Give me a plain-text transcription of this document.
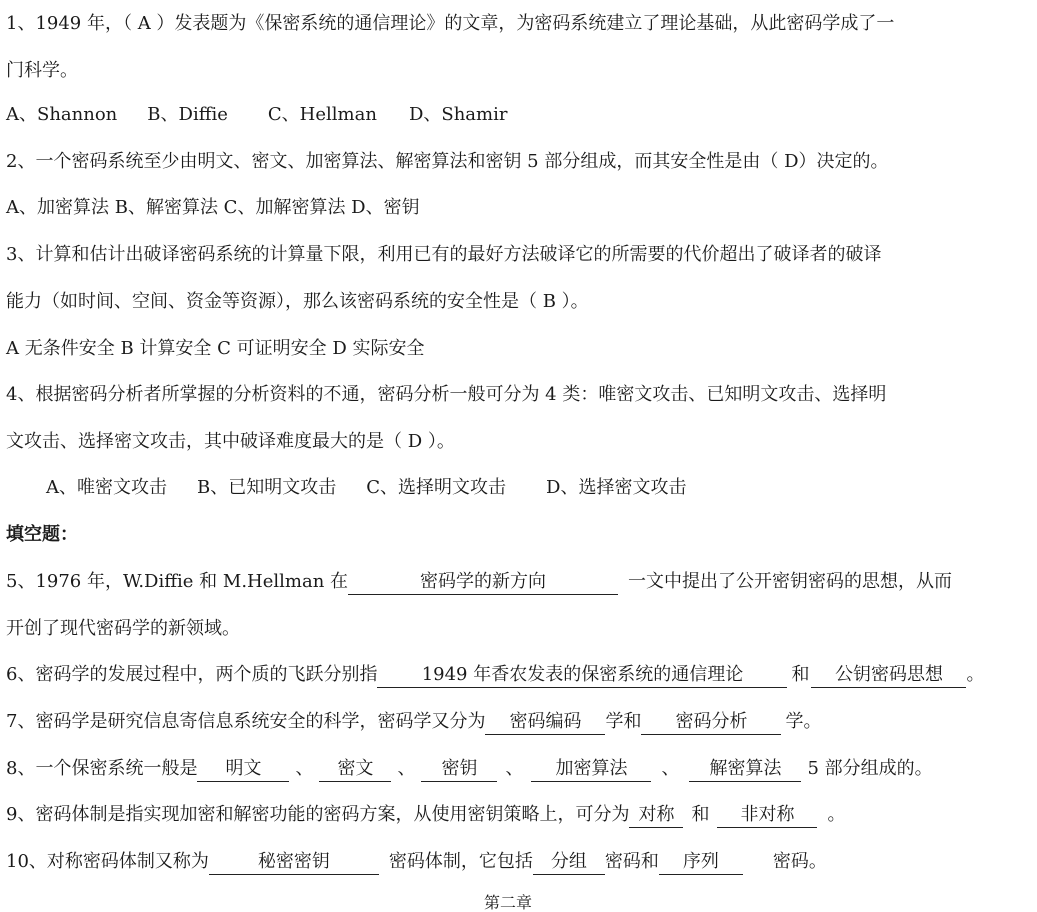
1、1949 年，（ A ）发表题为《保密系统的通信理论》的文章，为密码系统建立了理论基础，从此密码学成了一
门科学。
A、Shannon B、Diffie C、Hellman D、Shamir
2、一个密码系统至少由明文、密文、加密算法、解密算法和密钥 5 部分组成，而其安全性是由（ D）决定的。
A、加密算法 B、解密算法 C、加解密算法 D、密钥
3、计算和估计出破译密码系统的计算量下限，利用已有的最好方法破译它的所需要的代价超出了破译者的破译
能力（如时间、空间、资金等资源），那么该密码系统的安全性是（ B ）。
A 无条件安全 B 计算安全 C 可证明安全 D 实际安全
4、根据密码分析者所掌握的分析资料的不通，密码分析一般可分为 4 类：唯密文攻击、已知明文攻击、选择明
文攻击、选择密文攻击，其中破译难度最大的是（ D ）。
A、唯密文攻击 B、已知明文攻击 C、选择明文攻击 D、选择密文攻击
填空题：
5、1976 年，W.Diffie 和 M.Hellman 在	密码学的新方向	一文中提出了公开密钥密码的思想，从而
开创了现代密码学的新领域。
6、密码学的发展过程中，两个质的飞跃分别指 1949 年香农发表的保密系统的通信理论	和 公钥密码思想 。
7、密码学是研究信息寄信息系统安全的科学，密码学又分为 密码编码 学和 密码分析 学。
8、一个保密系统一般是 明文 、 密文 、 密钥 、 加密算法 、 解密算法 5 部分组成的。
9、密码体制是指实现加密和解密功能的密码方案，从使用密钥策略上，可分为 对称 和 非对称 。
10、对称密码体制又称为	秘密密钥	密码体制，它包括 分组 密码和 序列	密码。
第二章
